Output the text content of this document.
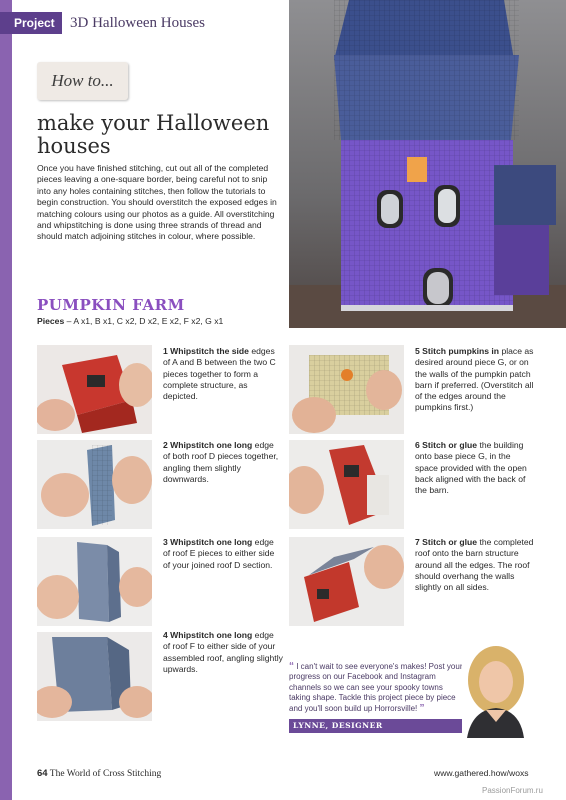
Project	3D Halloween Houses
How to...
make your Halloween houses
Once you have finished stitching, cut out all of the completed pieces leaving a one-square border, being careful not to snip into any holes containing stitches, then follow the tutorials to begin construction. You should overstitch the exposed edges in matching colours using our photos as a guide. All overstitching and whipstitching is done using three strands of thread and should match adjoining stitches in colour, where possible.
PUMPKIN FARM
Pieces – A x1, B x1, C x2, D x2, E x2, F x2, G x1
1 Whipstitch the side edges of A and B between the two C pieces together to form a complete structure, as depicted.
2 Whipstitch one long edge of both roof D pieces together, angling them slightly downwards.
3 Whipstitch one long edge of roof E pieces to either side of your joined roof D section.
4 Whipstitch one long edge of roof F to either side of your assembled roof, angling slightly upwards.
5 Stitch pumpkins in place as desired around piece G, or on the walls of the pumpkin patch barn if preferred. (Overstitch all of the edges around the pumpkins first.)
6 Stitch or glue the building onto base piece G, in the space provided with the open back aligned with the back of the barn.
7 Stitch or glue the completed roof onto the barn structure around all the edges. The roof should overhang the walls slightly on all sides.
“ I can't wait to see everyone's makes! Post your progress on our Facebook and Instagram channels so we can see your spooky towns taking shape. Tackle this project piece by piece and you'll soon build up Horrorsville! ”
LYNNE, DESIGNER
64 The World of Cross Stitching	www.gathered.how/woxs
PassionForum.ru
